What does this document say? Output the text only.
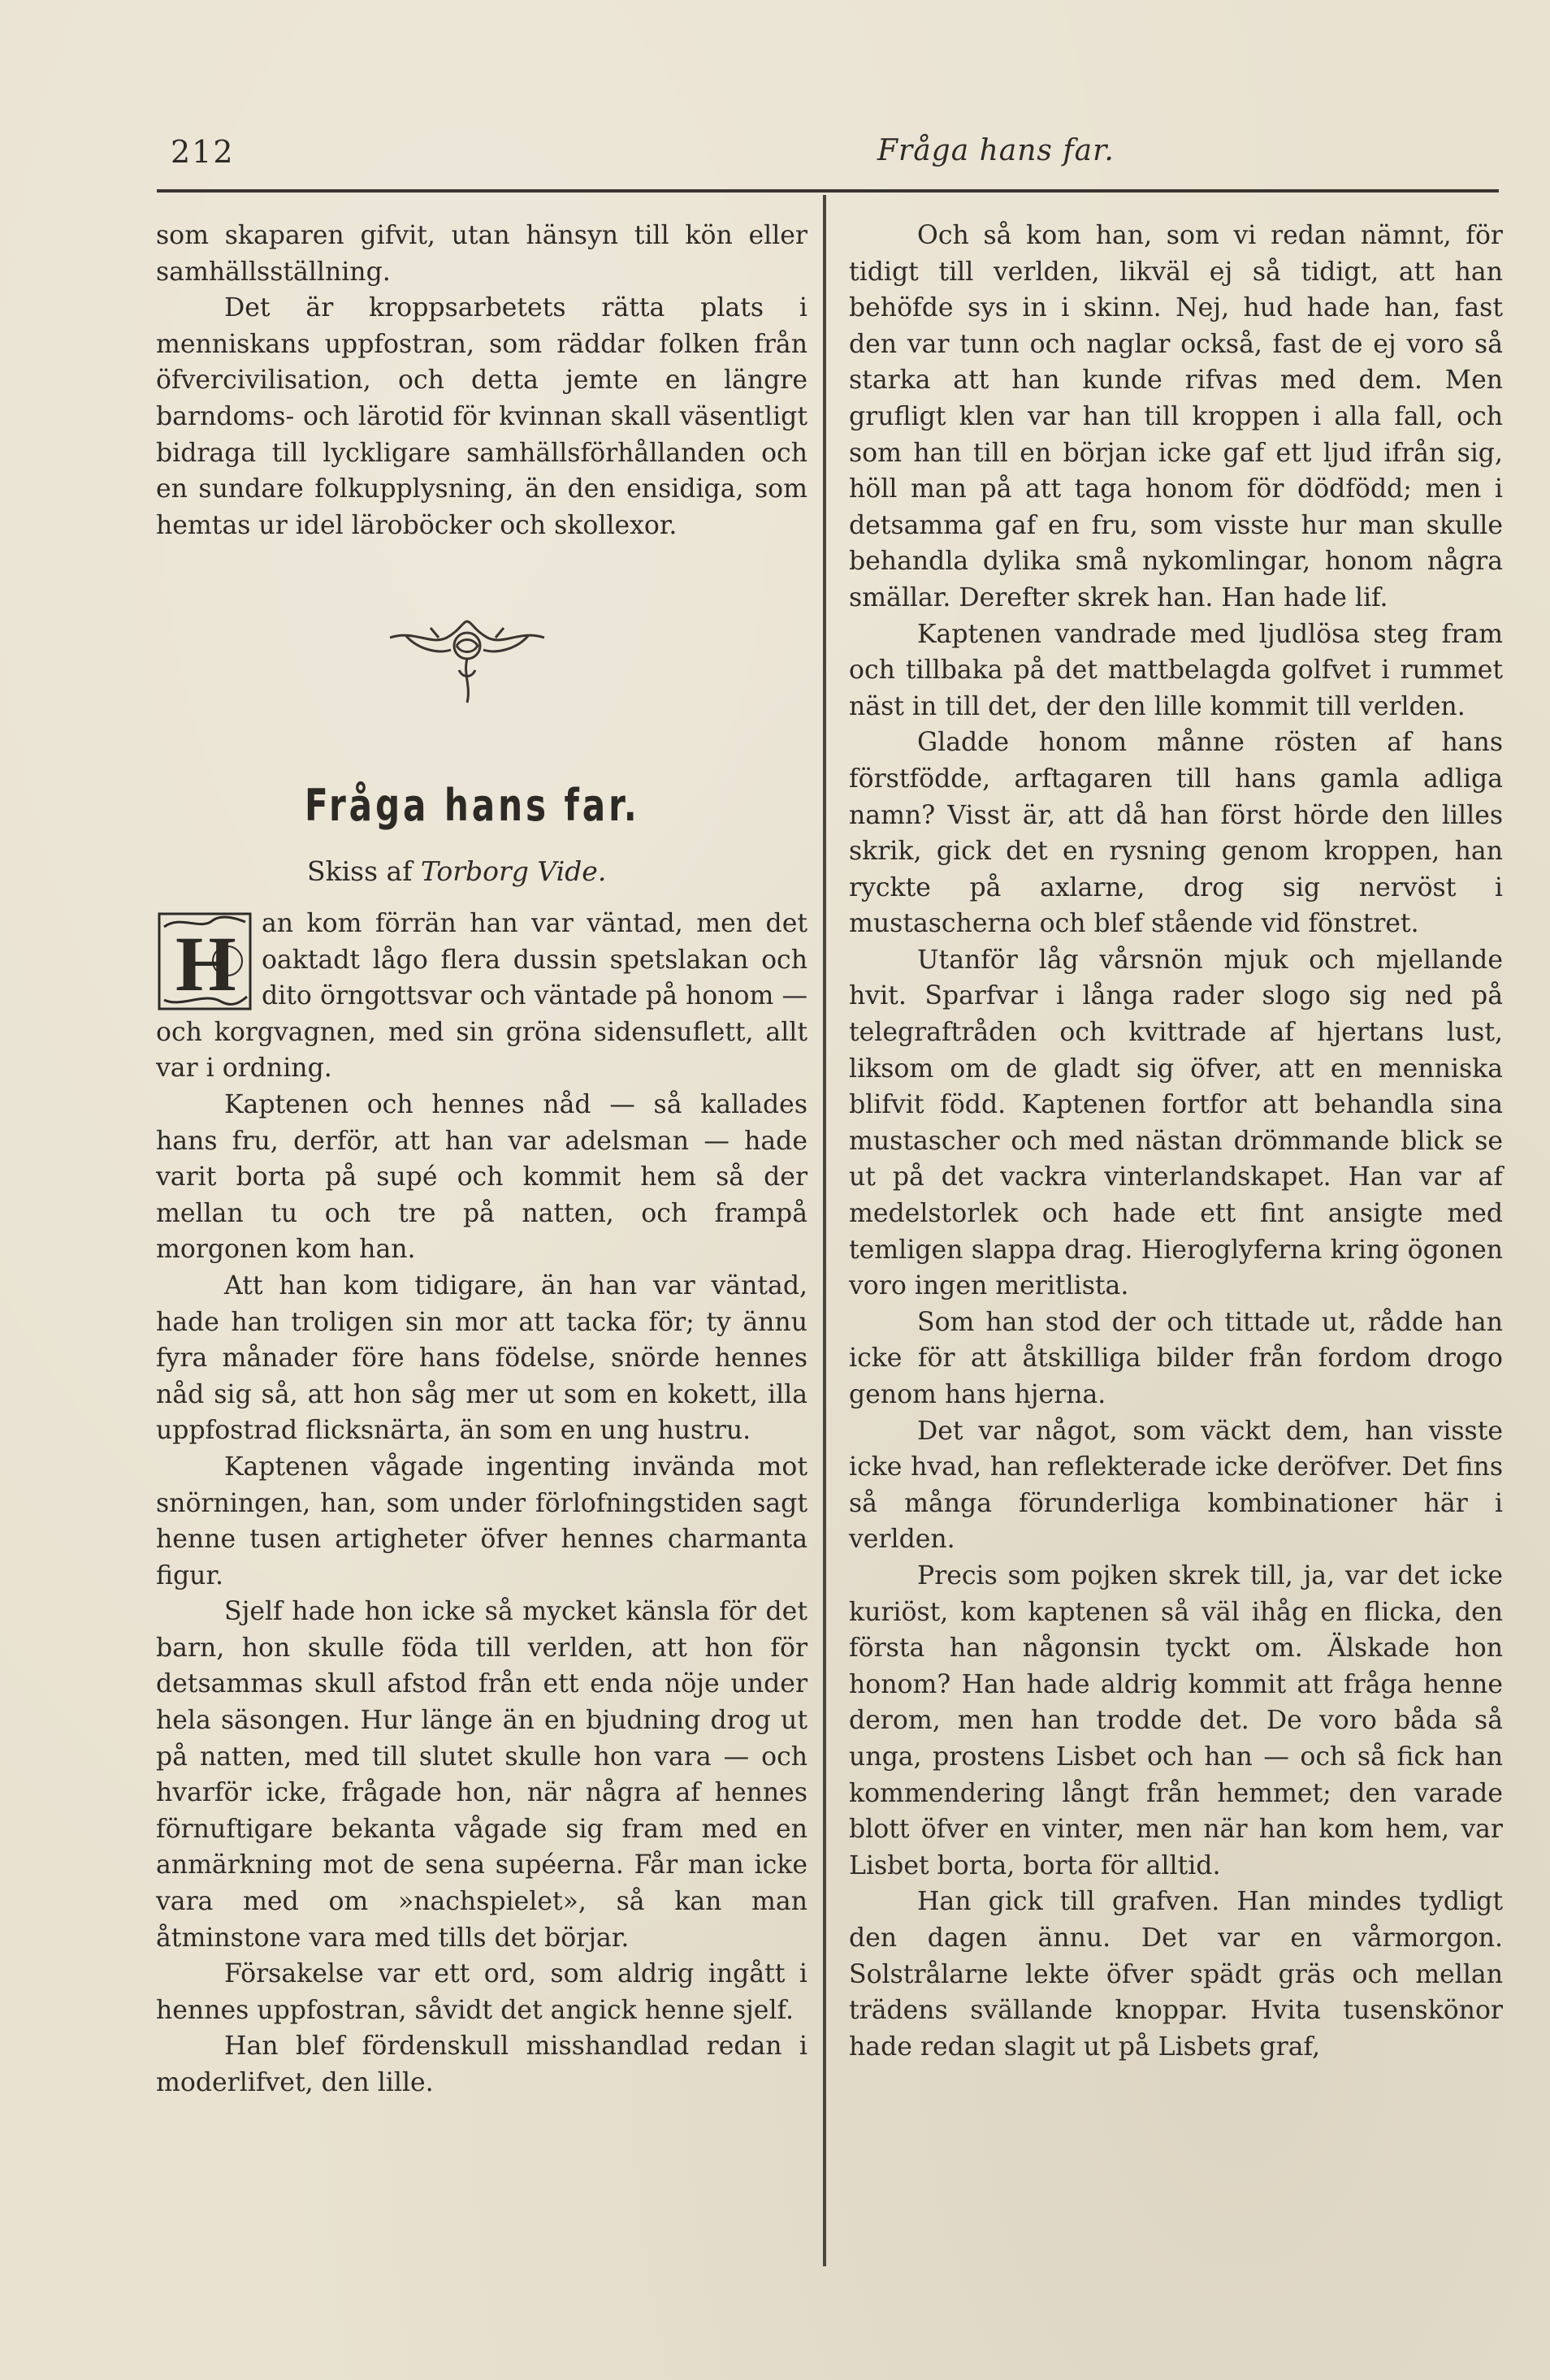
212	Fråga hans far.

som skaparen gifvit, utan hänsyn till kön eller samhällsställning.

Det är kroppsarbetets rätta plats i menniskans uppfostran, som räddar folken från öfvercivilisation, och detta jemte en längre barndoms- och lärotid för kvinnan skall väsentligt bidraga till lyckligare samhällsförhållanden och en sundare folkupplysning, än den ensidiga, som hemtas ur idel läroböcker och skollexor.

Fråga hans far.
Skiss af Torborg Vide.

H an kom förrän han var väntad, men det oaktadt lågo flera dussin spetslakan och dito örngottsvar och väntade på honom — och korgvagnen, med sin gröna sidensuflett, allt var i ordning.

Kaptenen och hennes nåd — så kallades hans fru, derför, att han var adelsman — hade varit borta på supé och kommit hem så der mellan tu och tre på natten, och frampå morgonen kom han.

Att han kom tidigare, än han var väntad, hade han troligen sin mor att tacka för; ty ännu fyra månader före hans födelse, snörde hennes nåd sig så, att hon såg mer ut som en kokett, illa uppfostrad flicksnärta, än som en ung hustru.

Kaptenen vågade ingenting invända mot snörningen, han, som under förlofningstiden sagt henne tusen artigheter öfver hennes charmanta figur.

Sjelf hade hon icke så mycket känsla för det barn, hon skulle föda till verlden, att hon för detsammas skull afstod från ett enda nöje under hela säsongen. Hur länge än en bjudning drog ut på natten, med till slutet skulle hon vara — och hvarför icke, frågade hon, när några af hennes förnuftigare bekanta vågade sig fram med en anmärkning mot de sena supéerna. Får man icke vara med om »nachspielet», så kan man åtminstone vara med tills det börjar.

Försakelse var ett ord, som aldrig ingått i hennes uppfostran, såvidt det angick henne sjelf.

Han blef fördenskull misshandlad redan i moderlifvet, den lille.

Och så kom han, som vi redan nämnt, för tidigt till verlden, likväl ej så tidigt, att han behöfde sys in i skinn. Nej, hud hade han, fast den var tunn och naglar också, fast de ej voro så starka att han kunde rifvas med dem. Men grufligt klen var han till kroppen i alla fall, och som han till en början icke gaf ett ljud ifrån sig, höll man på att taga honom för dödfödd; men i detsamma gaf en fru, som visste hur man skulle behandla dylika små nykomlingar, honom några smällar. Derefter skrek han. Han hade lif.

Kaptenen vandrade med ljudlösa steg fram och tillbaka på det mattbelagda golfvet i rummet näst in till det, der den lille kommit till verlden.

Gladde honom månne rösten af hans förstfödde, arftagaren till hans gamla adliga namn? Visst är, att då han först hörde den lilles skrik, gick det en rysning genom kroppen, han ryckte på axlarne, drog sig nervöst i mustascherna och blef stående vid fönstret.

Utanför låg vårsnön mjuk och mjellande hvit. Sparfvar i långa rader slogo sig ned på telegraftråden och kvittrade af hjertans lust, liksom om de gladt sig öfver, att en menniska blifvit född. Kaptenen fortfor att behandla sina mustascher och med nästan drömmande blick se ut på det vackra vinterlandskapet. Han var af medelstorlek och hade ett fint ansigte med temligen slappa drag. Hieroglyferna kring ögonen voro ingen meritlista.

Som han stod der och tittade ut, rådde han icke för att åtskilliga bilder från fordom drogo genom hans hjerna.

Det var något, som väckt dem, han visste icke hvad, han reflekterade icke deröfver. Det fins så många förunderliga kombinationer här i verlden.

Precis som pojken skrek till, ja, var det icke kuriöst, kom kaptenen så väl ihåg en flicka, den första han någonsin tyckt om. Älskade hon honom? Han hade aldrig kommit att fråga henne derom, men han trodde det. De voro båda så unga, prostens Lisbet och han — och så fick han kommendering långt från hemmet; den varade blott öfver en vinter, men när han kom hem, var Lisbet borta, borta för alltid.

Han gick till grafven. Han mindes tydligt den dagen ännu. Det var en vårmorgon. Solstrålarne lekte öfver spädt gräs och mellan trädens svällande knoppar. Hvita tusenskönor hade redan slagit ut på Lisbets graf,
